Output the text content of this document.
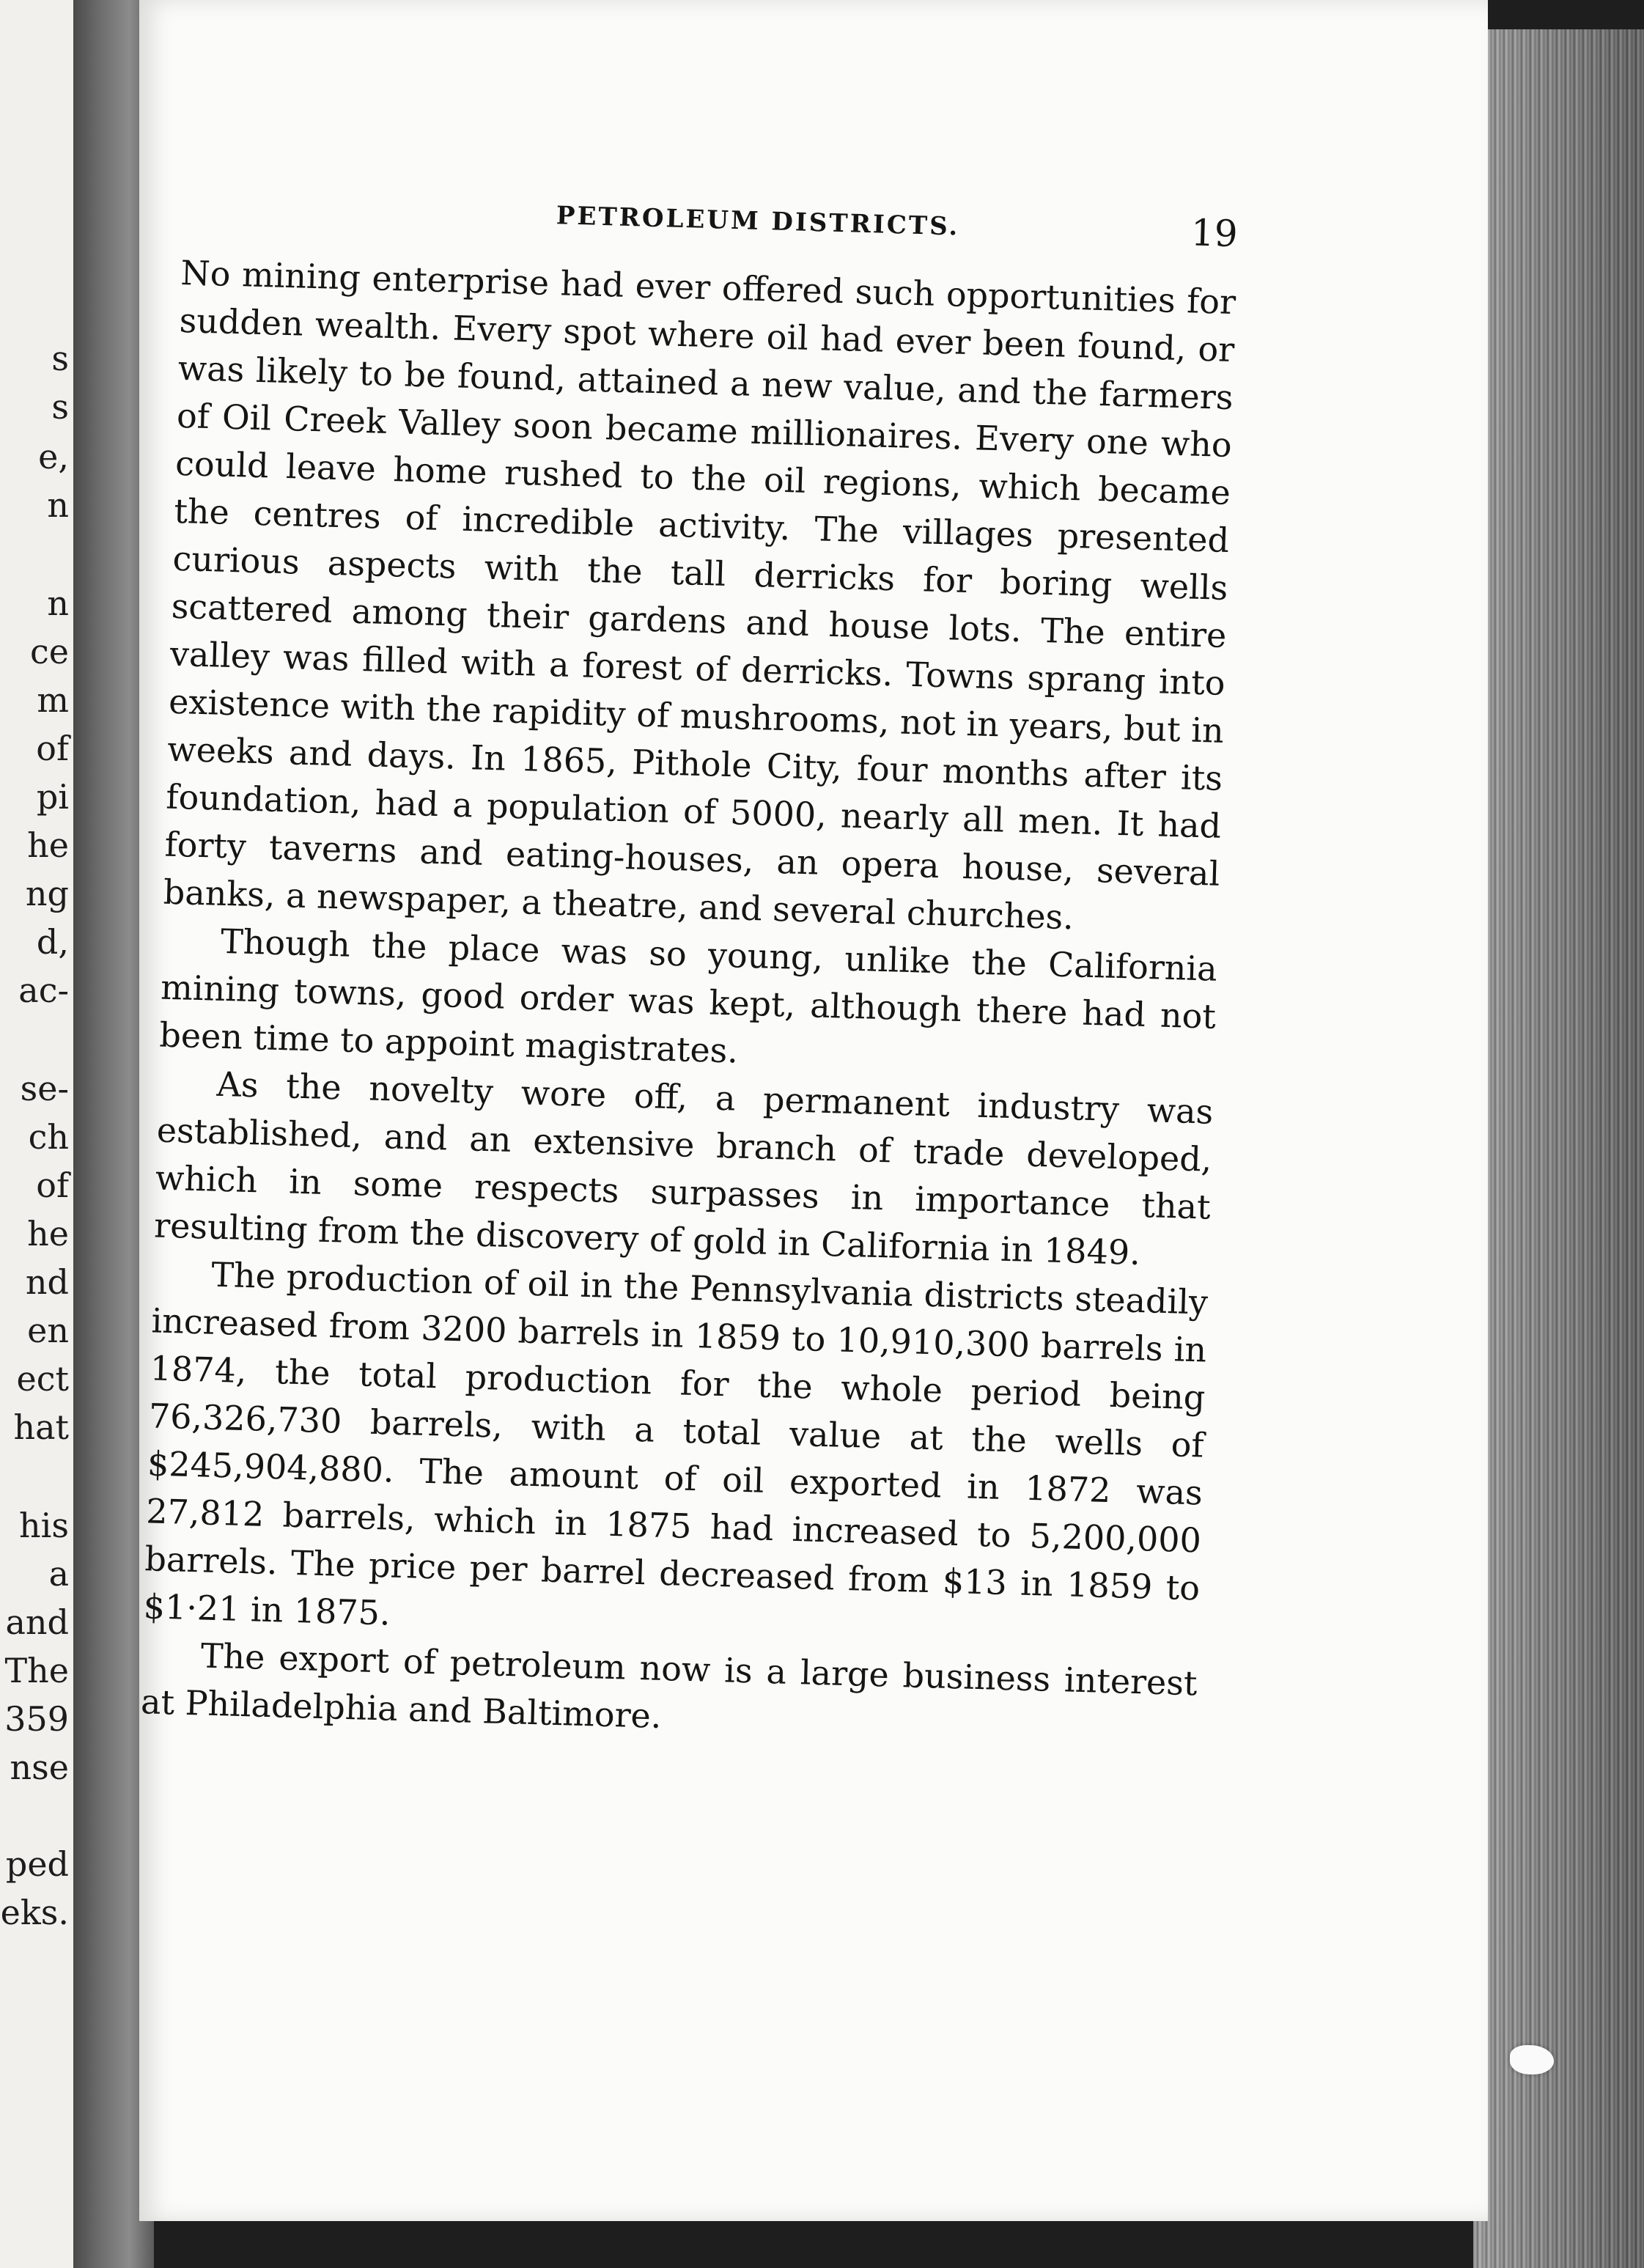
s
s
e,
n
n
ce
m
of
pi
he
ng
d,
ac-
se-
ch
of
he
nd
en
ect
hat
his
a
and
The
359
nse
ped
eks.
PETROLEUM DISTRICTS.	19

No mining enterprise had ever offered such opportunities for sudden wealth. Every spot where oil had ever been found, or was likely to be found, attained a new value, and the farmers of Oil Creek Valley soon became millionaires. Every one who could leave home rushed to the oil regions, which became the centres of incredible activity. The villages presented curious aspects with the tall derricks for boring wells scattered among their gardens and house lots. The entire valley was filled with a forest of derricks. Towns sprang into existence with the rapidity of mushrooms, not in years, but in weeks and days. In 1865, Pithole City, four months after its foundation, had a population of 5000, nearly all men. It had forty taverns and eating-houses, an opera house, several banks, a newspaper, a theatre, and several churches.

Though the place was so young, unlike the California mining towns, good order was kept, although there had not been time to appoint magistrates.

As the novelty wore off, a permanent industry was established, and an extensive branch of trade developed, which in some respects surpasses in importance that resulting from the discovery of gold in California in 1849.

The production of oil in the Pennsylvania districts steadily increased from 3200 barrels in 1859 to 10,910,300 barrels in 1874, the total production for the whole period being 76,326,730 barrels, with a total value at the wells of $245,904,880. The amount of oil exported in 1872 was 27,812 barrels, which in 1875 had increased to 5,200,000 barrels. The price per barrel decreased from $13 in 1859 to $1·21 in 1875.

The export of petroleum now is a large business interest at Philadelphia and Baltimore.
